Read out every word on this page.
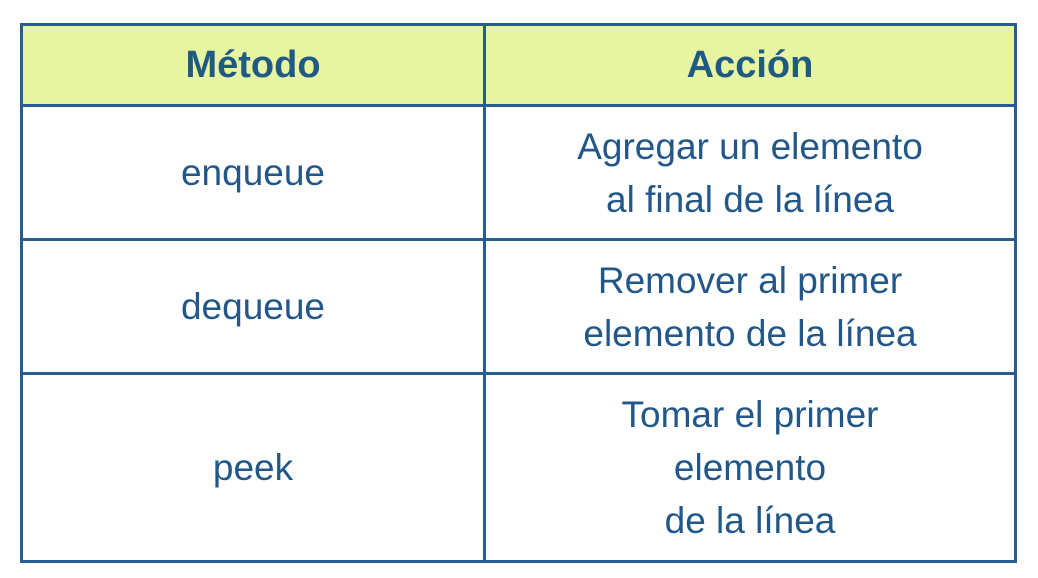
Método	Acción
enqueue	Agregar un elemento
al final de la línea

dequeue	Remover al primer
elemento de la línea

peek	Tomar el primer
elemento
de la línea
